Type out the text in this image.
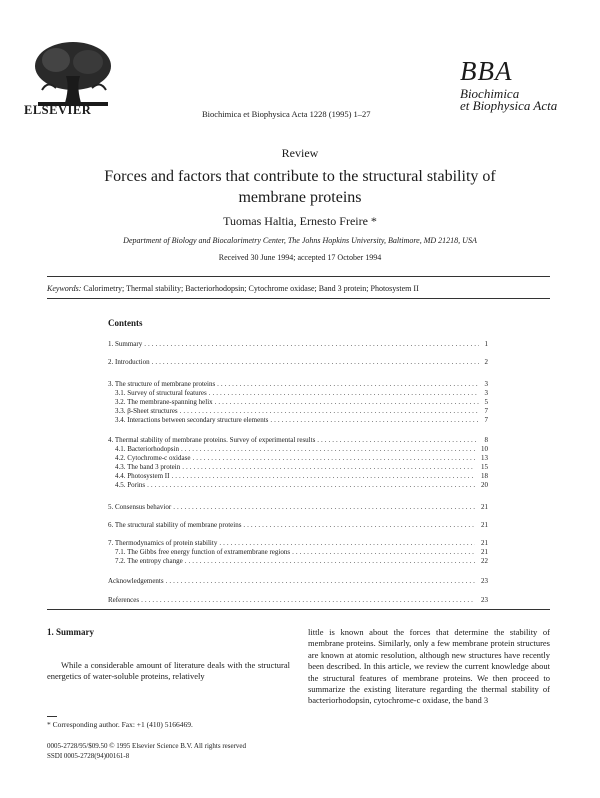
ELSEVIER	Biochimica et Biophysica Acta 1228 (1995) 1–27
BBA
Biochimica
et Biophysica Acta
Review
Forces and factors that contribute to the structural stability of membrane proteins
Tuomas Haltia, Ernesto Freire *
Department of Biology and Biocalorimetry Center, The Johns Hopkins University, Baltimore, MD 21218, USA
Received 30 June 1994; accepted 17 October 1994
Keywords: Calorimetry; Thermal stability; Bacteriorhodopsin; Cytochrome oxidase; Band 3 protein; Photosystem II
Contents
1. Summary .....	1
2. Introduction .....	2
3. The structure of membrane proteins .....	3
3.1. Survey of structural features .....	3
3.2. The membrane-spanning helix .....	5
3.3. β-Sheet structures .....	7
3.4. Interactions between secondary structure elements .....	7
4. Thermal stability of membrane proteins. Survey of experimental results .....	8
4.1. Bacteriorhodopsin .....	10
4.2. Cytochrome-c oxidase .....	13
4.3. The band 3 protein .....	15
4.4. Photosystem II .....	18
4.5. Porins .....	20
5. Consensus behavior .....	21
6. The structural stability of membrane proteins .....	21
7. Thermodynamics of protein stability .....	21
7.1. The Gibbs free energy function of extramembrane regions .....	21
7.2. The entropy change .....	22
Acknowledgements .....	23
References .....	23
1. Summary
While a considerable amount of literature deals with the structural energetics of water-soluble proteins, relatively
little is known about the forces that determine the stability of membrane proteins. Similarly, only a few membrane protein structures are known at atomic resolution, although new structures have recently been described. In this article, we review the current knowledge about the structural features of membrane proteins. We then proceed to summarize the existing literature regarding the thermal stability of bacteriorhodopsin, cytochrome-c oxidase, the band 3
* Corresponding author. Fax: +1 (410) 5166469.
0005-2728/95/$09.50 © 1995 Elsevier Science B.V. All rights reserved
SSDI 0005-2728(94)00161-8
